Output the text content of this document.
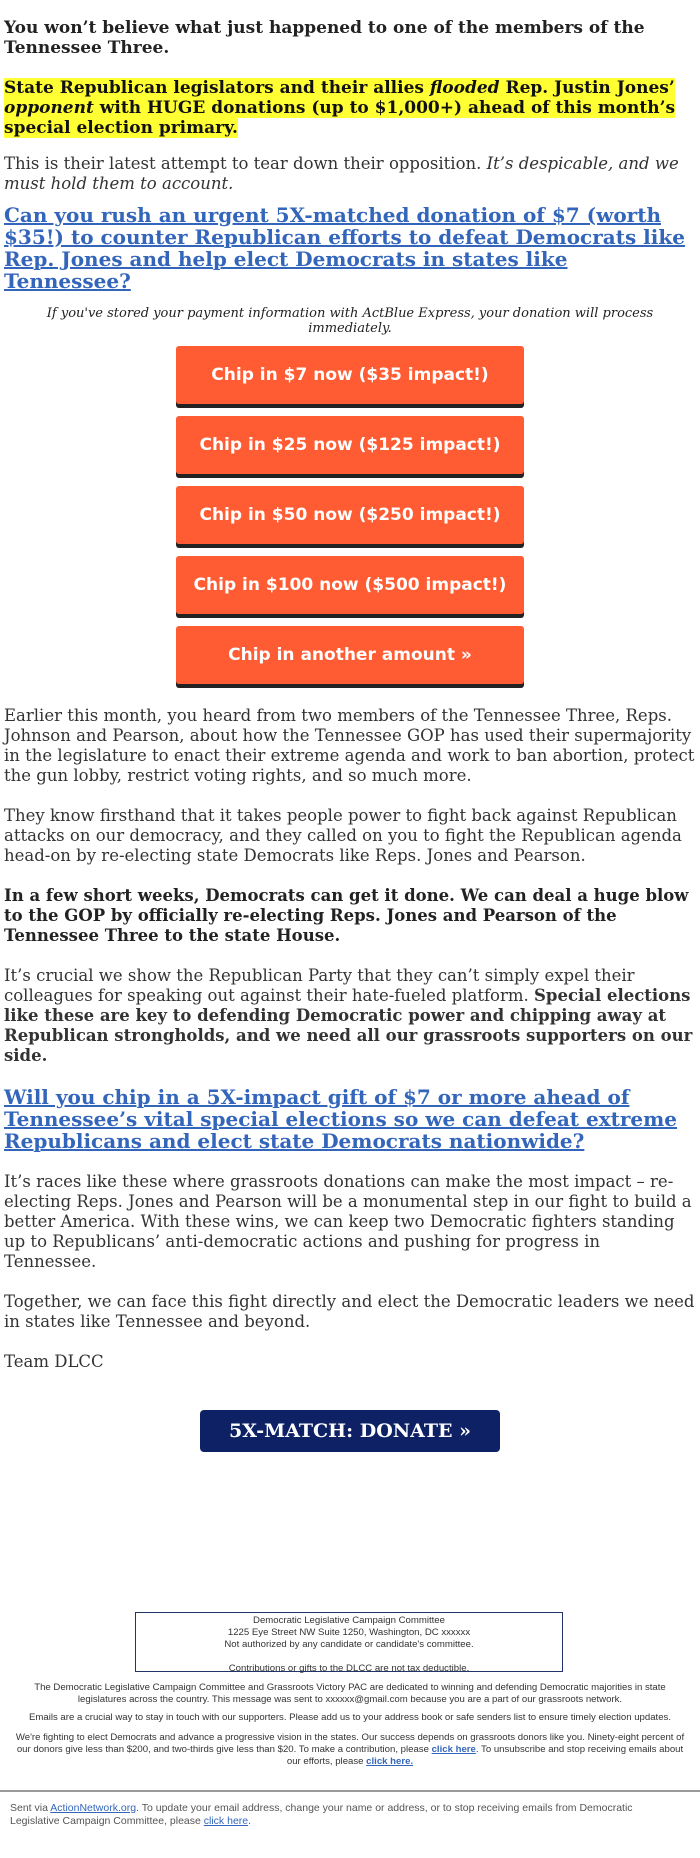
You won’t believe what just happened to one of the members of the Tennessee Three.

State Republican legislators and their allies flooded Rep. Justin Jones’ opponent with HUGE donations (up to $1,000+) ahead of this month’s special election primary.

This is their latest attempt to tear down their opposition. It’s despicable, and we must hold them to account.

Can you rush an urgent 5X-matched donation of $7 (worth $35!) to counter Republican efforts to defeat Democrats like Rep. Jones and help elect Democrats in states like Tennessee?

If you've stored your payment information with ActBlue Express, your donation will process immediately.

Chip in $7 now ($35 impact!)
Chip in $25 now ($125 impact!)
Chip in $50 now ($250 impact!)
Chip in $100 now ($500 impact!)
Chip in another amount »

Earlier this month, you heard from two members of the Tennessee Three, Reps. Johnson and Pearson, about how the Tennessee GOP has used their supermajority in the legislature to enact their extreme agenda and work to ban abortion, protect the gun lobby, restrict voting rights, and so much more.

They know firsthand that it takes people power to fight back against Republican attacks on our democracy, and they called on you to fight the Republican agenda head-on by re-electing state Democrats like Reps. Jones and Pearson.

In a few short weeks, Democrats can get it done. We can deal a huge blow to the GOP by officially re-electing Reps. Jones and Pearson of the Tennessee Three to the state House.

It’s crucial we show the Republican Party that they can’t simply expel their colleagues for speaking out against their hate-fueled platform. Special elections like these are key to defending Democratic power and chipping away at Republican strongholds, and we need all our grassroots supporters on our side.

Will you chip in a 5X-impact gift of $7 or more ahead of Tennessee’s vital special elections so we can defeat extreme Republicans and elect state Democrats nationwide?

It’s races like these where grassroots donations can make the most impact – re-electing Reps. Jones and Pearson will be a monumental step in our fight to build a better America. With these wins, we can keep two Democratic fighters standing up to Republicans’ anti-democratic actions and pushing for progress in Tennessee.

Together, we can face this fight directly and elect the Democratic leaders we need in states like Tennessee and beyond.

Team DLCC

5X-MATCH: DONATE »
Democratic Legislative Campaign Committee
1225 Eye Street NW Suite 1250, Washington, DC xxxxxx
Not authorized by any candidate or candidate's committee.
Contributions or gifts to the DLCC are not tax deductible.
The Democratic Legislative Campaign Committee and Grassroots Victory PAC are dedicated to winning and defending Democratic majorities in state legislatures across the country. This message was sent to xxxxxx@gmail.com because you are a part of our grassroots network.
Emails are a crucial way to stay in touch with our supporters. Please add us to your address book or safe senders list to ensure timely election updates.
We're fighting to elect Democrats and advance a progressive vision in the states. Our success depends on grassroots donors like you. Ninety-eight percent of our donors give less than $200, and two-thirds give less than $20. To make a contribution, please click here. To unsubscribe and stop receiving emails about our efforts, please click here.
Sent via ActionNetwork.org. To update your email address, change your name or address, or to stop receiving emails from Democratic Legislative Campaign Committee, please click here.
